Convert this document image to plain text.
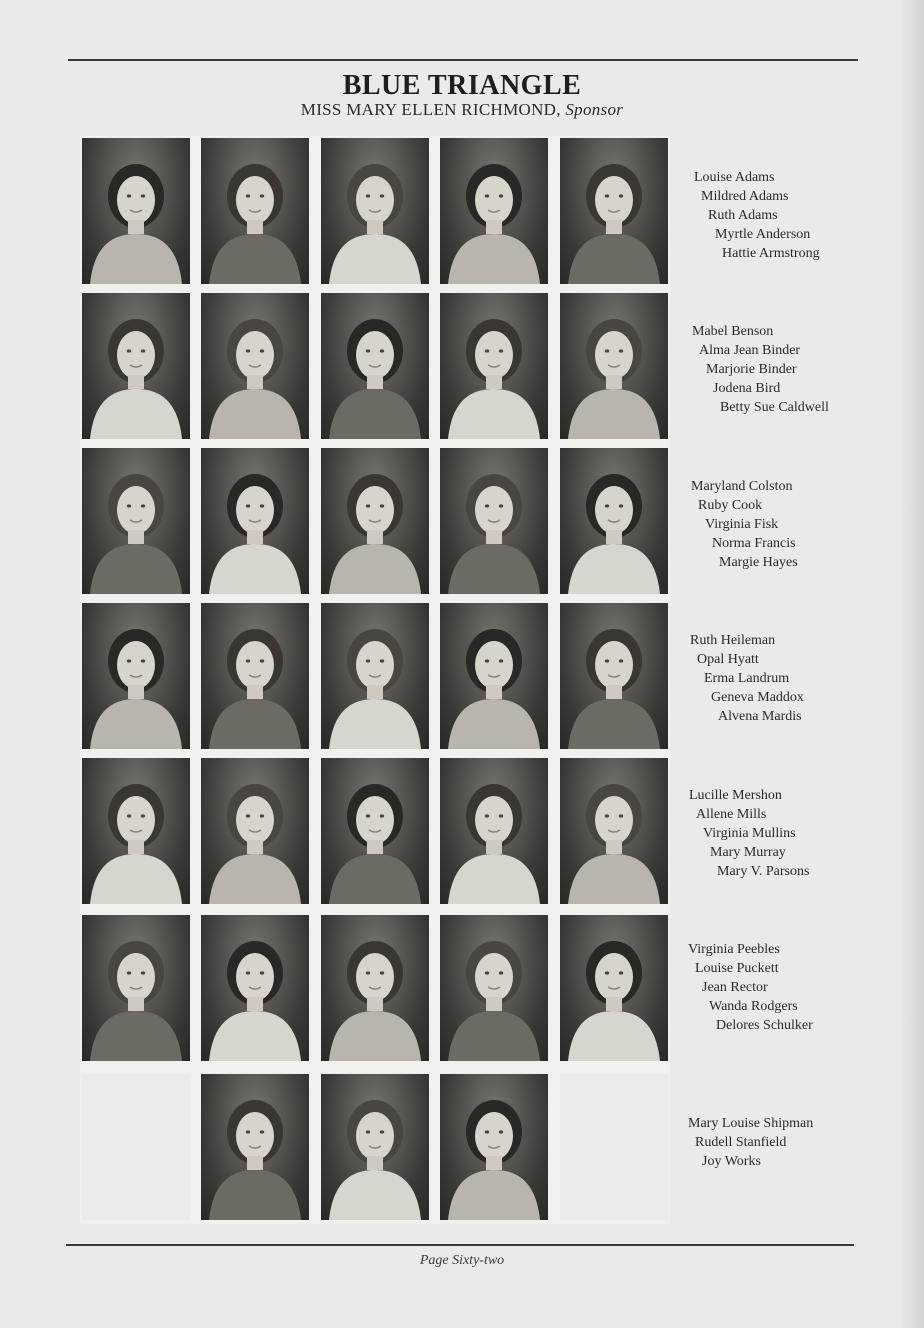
BLUE TRIANGLE
MISS MARY ELLEN RICHMOND, Sponsor
Louise Adams
Mildred Adams
Ruth Adams
Myrtle Anderson
Hattie Armstrong
Mabel Benson
Alma Jean Binder
Marjorie Binder
Jodena Bird
Betty Sue Caldwell
Maryland Colston
Ruby Cook
Virginia Fisk
Norma Francis
Margie Hayes
Ruth Heileman
Opal Hyatt
Erma Landrum
Geneva Maddox
Alvena Mardis
Lucille Mershon
Allene Mills
Virginia Mullins
Mary Murray
Mary V. Parsons
Virginia Peebles
Louise Puckett
Jean Rector
Wanda Rodgers
Delores Schulker
Mary Louise Shipman
Rudell Stanfield
Joy Works
Page Sixty-two
